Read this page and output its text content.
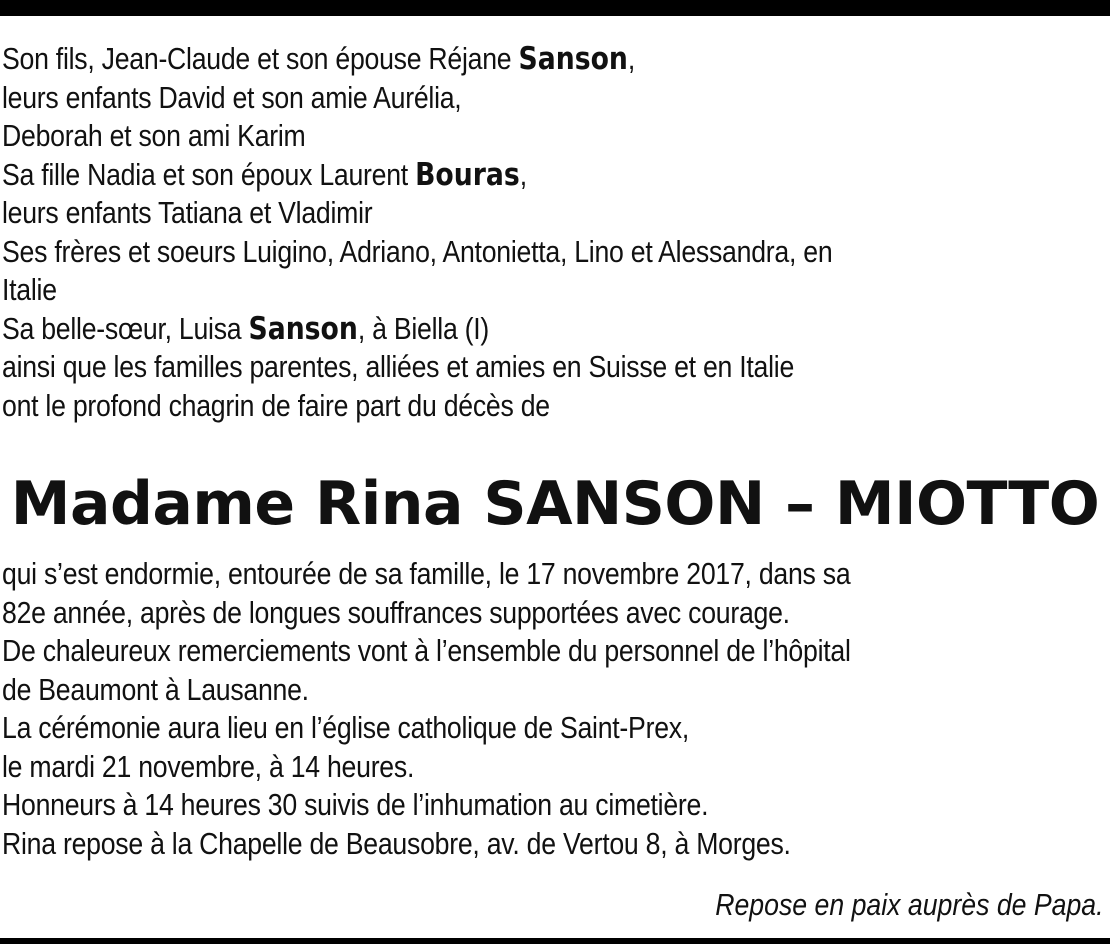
Son fils, Jean-Claude et son épouse Réjane Sanson,
leurs enfants David et son amie Aurélia,
Deborah et son ami Karim
Sa fille Nadia et son époux Laurent Bouras,
leurs enfants Tatiana et Vladimir
Ses frères et soeurs Luigino, Adriano, Antonietta, Lino et Alessandra, en
Italie
Sa belle-sœur, Luisa Sanson, à Biella (I)
ainsi que les familles parentes, alliées et amies en Suisse et en Italie
ont le profond chagrin de faire part du décès de
Madame Rina SANSON – MIOTTO
qui s’est endormie, entourée de sa famille, le 17 novembre 2017, dans sa
82e année, après de longues souffrances supportées avec courage.
De chaleureux remerciements vont à l’ensemble du personnel de l’hôpital
de Beaumont à Lausanne.
La cérémonie aura lieu en l’église catholique de Saint-Prex,
le mardi 21 novembre, à 14 heures.
Honneurs à 14 heures 30 suivis de l’inhumation au cimetière.
Rina repose à la Chapelle de Beausobre, av. de Vertou 8, à Morges.
Repose en paix auprès de Papa.
